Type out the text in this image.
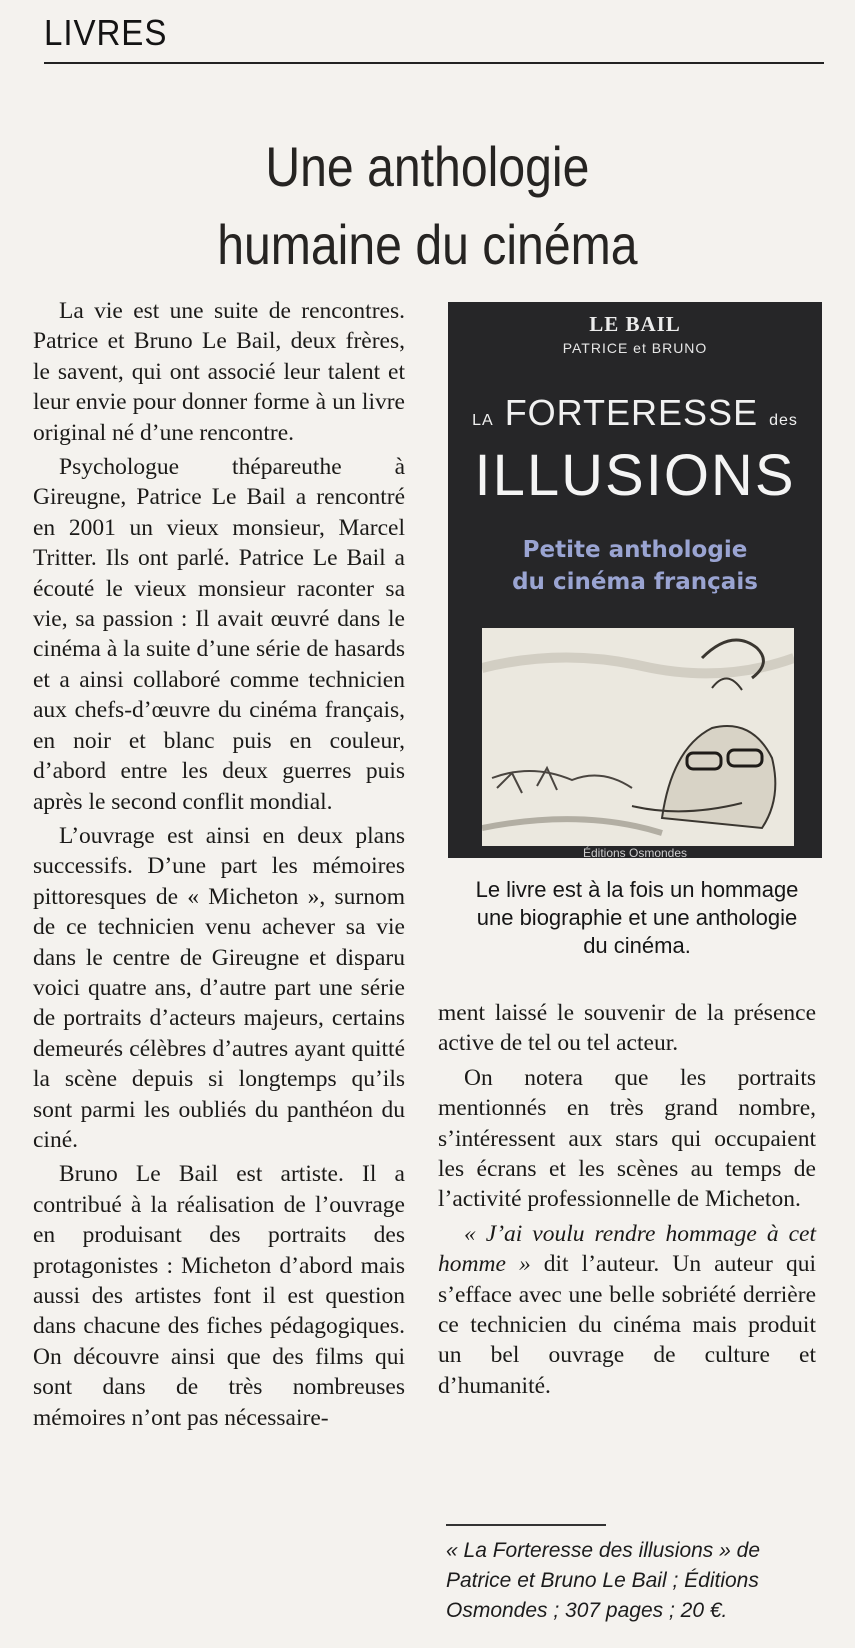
LIVRES
Une anthologie
humaine du cinéma

La vie est une suite de rencontres. Patrice et Bruno Le Bail, deux frères, le savent, qui ont associé leur talent et leur envie pour donner forme à un livre original né d’une rencontre.

Psychologue thépareuthe à Gireugne, Patrice Le Bail a rencontré en 2001 un vieux monsieur, Marcel Tritter. Ils ont parlé. Patrice Le Bail a écouté le vieux monsieur raconter sa vie, sa passion : Il avait œuvré dans le cinéma à la suite d’une série de hasards et a ainsi collaboré comme technicien aux chefs-d’œuvre du cinéma français, en noir et blanc puis en couleur, d’abord entre les deux guerres puis après le second conflit mondial.

L’ouvrage est ainsi en deux plans successifs. D’une part les mémoires pittoresques de « Micheton », surnom de ce technicien venu achever sa vie dans le centre de Gireugne et disparu voici quatre ans, d’autre part une série de portraits d’acteurs majeurs, certains demeurés célèbres d’autres ayant quitté la scène depuis si longtemps qu’ils sont parmi les oubliés du panthéon du ciné.

Bruno Le Bail est artiste. Il a contribué à la réalisation de l’ouvrage en produisant des portraits des protagonistes : Micheton d’abord mais aussi des artistes font il est question dans chacune des fiches pédagogiques. On découvre ainsi que des films qui sont dans de très nombreuses mémoires n’ont pas nécessaire-

LE BAIL
PATRICE et BRUNO
LA FORTERESSE des
ILLUSIONS
Petite anthologie
du cinéma français
Éditions Osmondes
Le livre est à la fois un hommage
une biographie et une anthologie
du cinéma.

ment laissé le souvenir de la présence active de tel ou tel acteur.

On notera que les portraits mentionnés en très grand nombre, s’intéressent aux stars qui occupaient les écrans et les scènes au temps de l’activité professionnelle de Micheton.

« J’ai voulu rendre hommage à cet homme » dit l’auteur. Un auteur qui s’efface avec une belle sobriété derrière ce technicien du cinéma mais produit un bel ouvrage de culture et d’humanité.

« La Forteresse des illusions » de
Patrice et Bruno Le Bail ; Éditions
Osmondes ; 307 pages ; 20 €.
